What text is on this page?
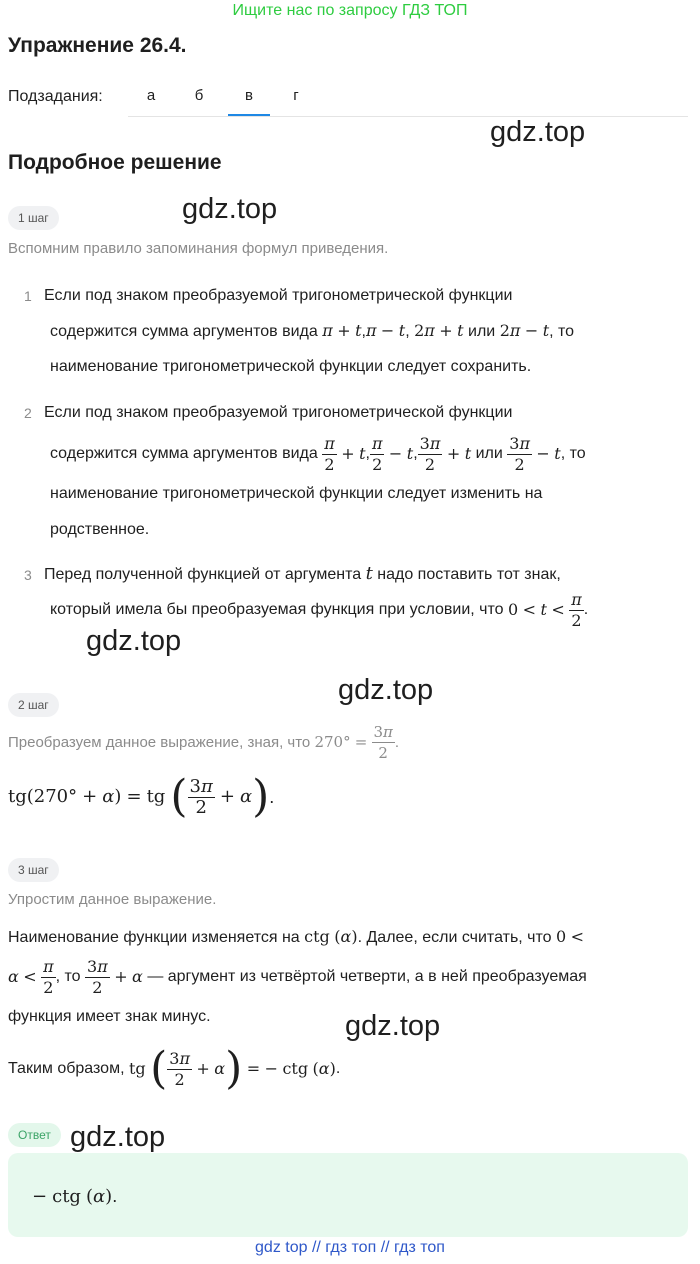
Ищите нас по запросу ГДЗ ТОП
Упражнение 26.4.
Подзадания:	а	б	в	г
gdz.top
Подробное решение
1 шаг	gdz.top
Вспомним правило запоминания формул приведения.
1 Если под знаком преобразуемой тригонометрической функции
содержится сумма аргументов вида π + t,π − t, 2π + t или 2π − t, то
наименование тригонометрической функции следует сохранить.
2 Если под знаком преобразуемой тригонометрической функции
содержится сумма аргументов вида
$\frac{\pi}{2}$
+
t , $\frac{\pi}{2}$
−
t , $\frac{3\pi}{2}$
+
t
или
$\frac{3\pi}{2}$
−
t , то
наименование тригонометрической функции следует изменить на
родственное.
3 Перед полученной функцией от аргумента t надо поставить тот знак,
который имела бы преобразуемая функция при условии, что
0
<
t
<
$\frac{\pi}{2}$ .
gdz.top
2 шаг	gdz.top
Преобразуем данное выражение, зная, что
270°
=
$\frac{3\pi}{2}$ .
tg(270°
+
α )
=
tg
( $\frac{3\pi}{2}$
+
α ) .
3 шаг
Упростим данное выражение.
Наименование функции изменяется на ctg (α). Далее, если считать, что 0 <
α
<
$\frac{\pi}{2}$ , то
$\frac{3\pi}{2}$
+
α
— аргумент из четвёртой четверти, а в ней преобразуемая
функция имеет знак минус.	gdz.top
Таким образом,
tg
( $\frac{3\pi}{2}$
+
α )
=
−
ctg
( α ) .
Ответ gdz.top
− ctg (α).
gdz top // гдз топ // гдз топ
